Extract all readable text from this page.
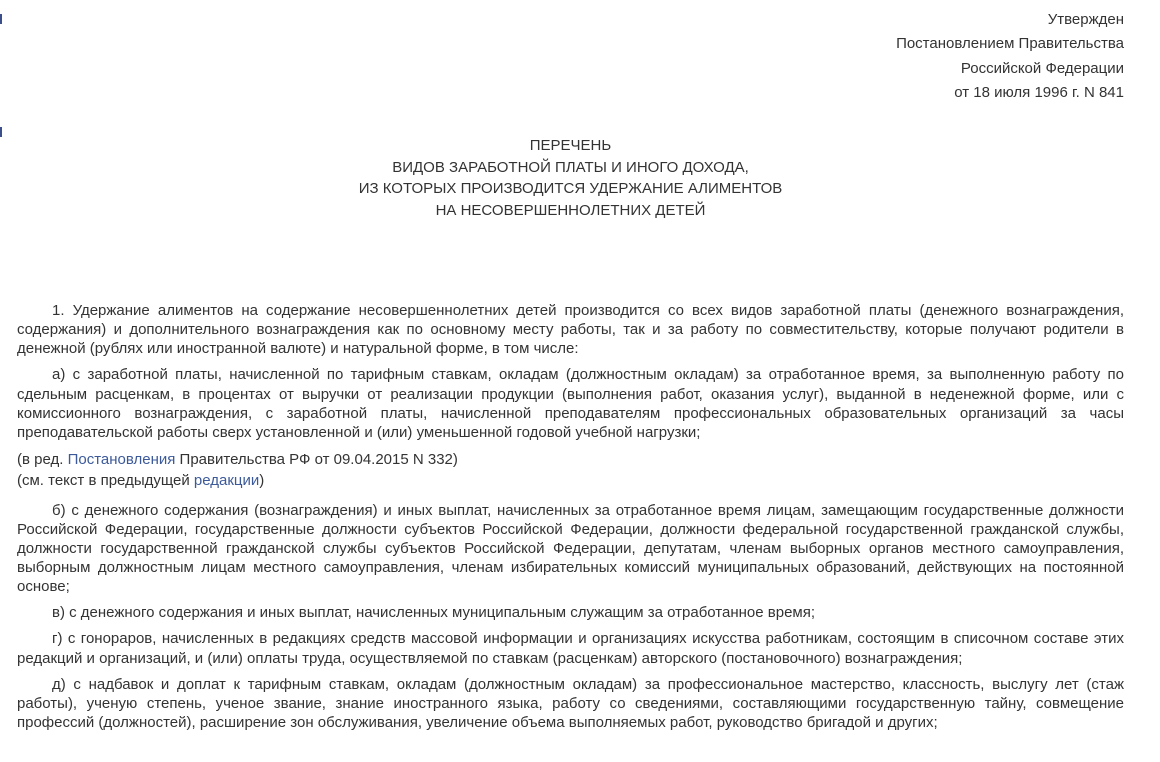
Утвержден
Постановлением Правительства
Российской Федерации
от 18 июля 1996 г. N 841
ПЕРЕЧЕНЬ
ВИДОВ ЗАРАБОТНОЙ ПЛАТЫ И ИНОГО ДОХОДА,
ИЗ КОТОРЫХ ПРОИЗВОДИТСЯ УДЕРЖАНИЕ АЛИМЕНТОВ
НА НЕСОВЕРШЕННОЛЕТНИХ ДЕТЕЙ

1. Удержание алиментов на содержание несовершеннолетних детей производится со всех видов заработной платы (денежного вознаграждения, содержания) и дополнительного вознаграждения как по основному месту работы, так и за работу по совместительству, которые получают родители в денежной (рублях или иностранной валюте) и натуральной форме, в том числе:

а) с заработной платы, начисленной по тарифным ставкам, окладам (должностным окладам) за отработанное время, за выполненную работу по сдельным расценкам, в процентах от выручки от реализации продукции (выполнения работ, оказания услуг), выданной в неденежной форме, или с комиссионного вознаграждения, с заработной платы, начисленной преподавателям профессиональных образовательных организаций за часы преподавательской работы сверх установленной и (или) уменьшенной годовой учебной нагрузки;

(в ред. Постановления Правительства РФ от 09.04.2015 N 332)
(см. текст в предыдущей редакции)

б) с денежного содержания (вознаграждения) и иных выплат, начисленных за отработанное время лицам, замещающим государственные должности Российской Федерации, государственные должности субъектов Российской Федерации, должности федеральной государственной гражданской службы, должности государственной гражданской службы субъектов Российской Федерации, депутатам, членам выборных органов местного самоуправления, выборным должностным лицам местного самоуправления, членам избирательных комиссий муниципальных образований, действующих на постоянной основе;

в) с денежного содержания и иных выплат, начисленных муниципальным служащим за отработанное время;

г) с гонораров, начисленных в редакциях средств массовой информации и организациях искусства работникам, состоящим в списочном составе этих редакций и организаций, и (или) оплаты труда, осуществляемой по ставкам (расценкам) авторского (постановочного) вознаграждения;

д) с надбавок и доплат к тарифным ставкам, окладам (должностным окладам) за профессиональное мастерство, классность, выслугу лет (стаж работы), ученую степень, ученое звание, знание иностранного языка, работу со сведениями, составляющими государственную тайну, совмещение профессий (должностей), расширение зон обслуживания, увеличение объема выполняемых работ, руководство бригадой и других;
